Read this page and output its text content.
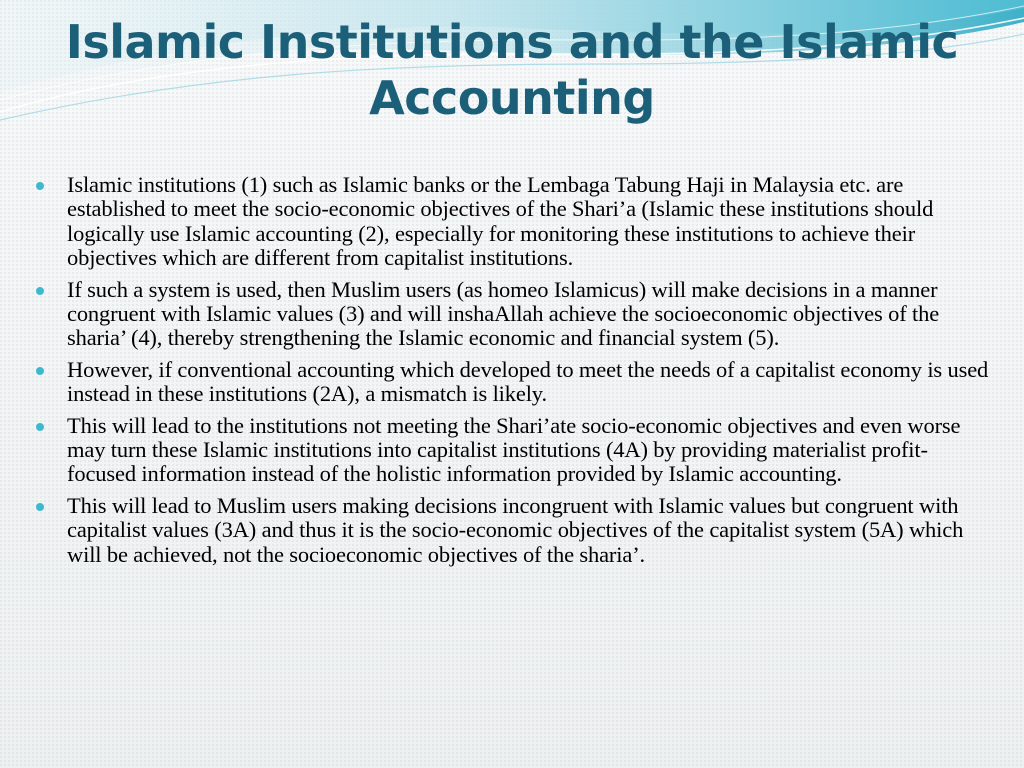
Islamic Institutions and the Islamic Accounting
Islamic institutions (1) such as Islamic banks or the Lembaga Tabung Haji in Malaysia etc. are established to meet the socio-economic objectives of the Shari’a (Islamic these institutions should logically use Islamic accounting (2), especially for monitoring these institutions to achieve their objectives which are different from capitalist institutions.
If such a system is used, then Muslim users (as homeo Islamicus) will make decisions in a manner congruent with Islamic values (3) and will inshaAllah achieve the socioeconomic objectives of the sharia’ (4), thereby strengthening the Islamic economic and financial system (5).
However, if conventional accounting which developed to meet the needs of a capitalist economy is used instead in these institutions (2A), a mismatch is likely.
This will lead to the institutions not meeting the Shari’ate socio-economic objectives and even worse may turn these Islamic institutions into capitalist institutions (4A) by providing materialist profit-focused information instead of the holistic information provided by Islamic accounting.
This will lead to Muslim users making decisions incongruent with Islamic values but congruent with capitalist values (3A) and thus it is the socio-economic objectives of the capitalist system (5A) which will be achieved, not the socioeconomic objectives of the sharia’.
